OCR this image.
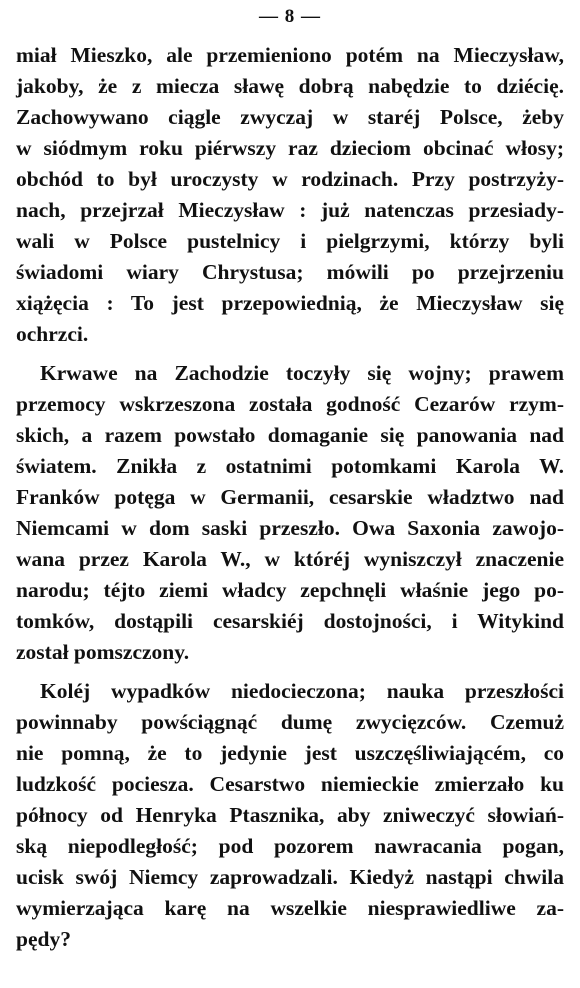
— 8 —
miał Mieszko, ale przemieniono potém na Mieczysław,
jakoby, że z miecza sławę dobrą nabędzie to dziécię.
Zachowywano ciągle zwyczaj w staréj Polsce, żeby
w siódmym roku piérwszy raz dzieciom obcinać włosy;
obchód to był uroczysty w rodzinach. Przy postrzyży-
nach, przejrzał Mieczysław : już natenczas przesiady-
wali w Polsce pustelnicy i pielgrzymi, którzy byli
świadomi wiary Chrystusa; mówili po przejrzeniu
xiążęcia : To jest przepowiednią, że Mieczysław się
ochrzci.
Krwawe na Zachodzie toczyły się wojny; prawem
przemocy wskrzeszona została godność Cezarów rzym-
skich, a razem powstało domaganie się panowania nad
światem. Znikła z ostatnimi potomkami Karola W.
Franków potęga w Germanii, cesarskie władztwo nad
Niemcami w dom saski przeszło. Owa Saxonia zawojo-
wana przez Karola W., w któréj wyniszczył znaczenie
narodu; téjto ziemi władcy zepchnęli właśnie jego po-
tomków, dostąpili cesarskiéj dostojności, i Witykind
został pomszczony.
Koléj wypadków niedocieczona; nauka przeszłości
powinnaby powściągnąć dumę zwycięzców. Czemuż
nie pomną, że to jedynie jest uszczęśliwiającém, co
ludzkość pociesza. Cesarstwo niemieckie zmierzało ku
północy od Henryka Ptasznika, aby zniweczyć słowiań-
ską niepodległość; pod pozorem nawracania pogan,
ucisk swój Niemcy zaprowadzali. Kiedyż nastąpi chwila
wymierzająca karę na wszelkie niesprawiedliwe za-
pędy?
